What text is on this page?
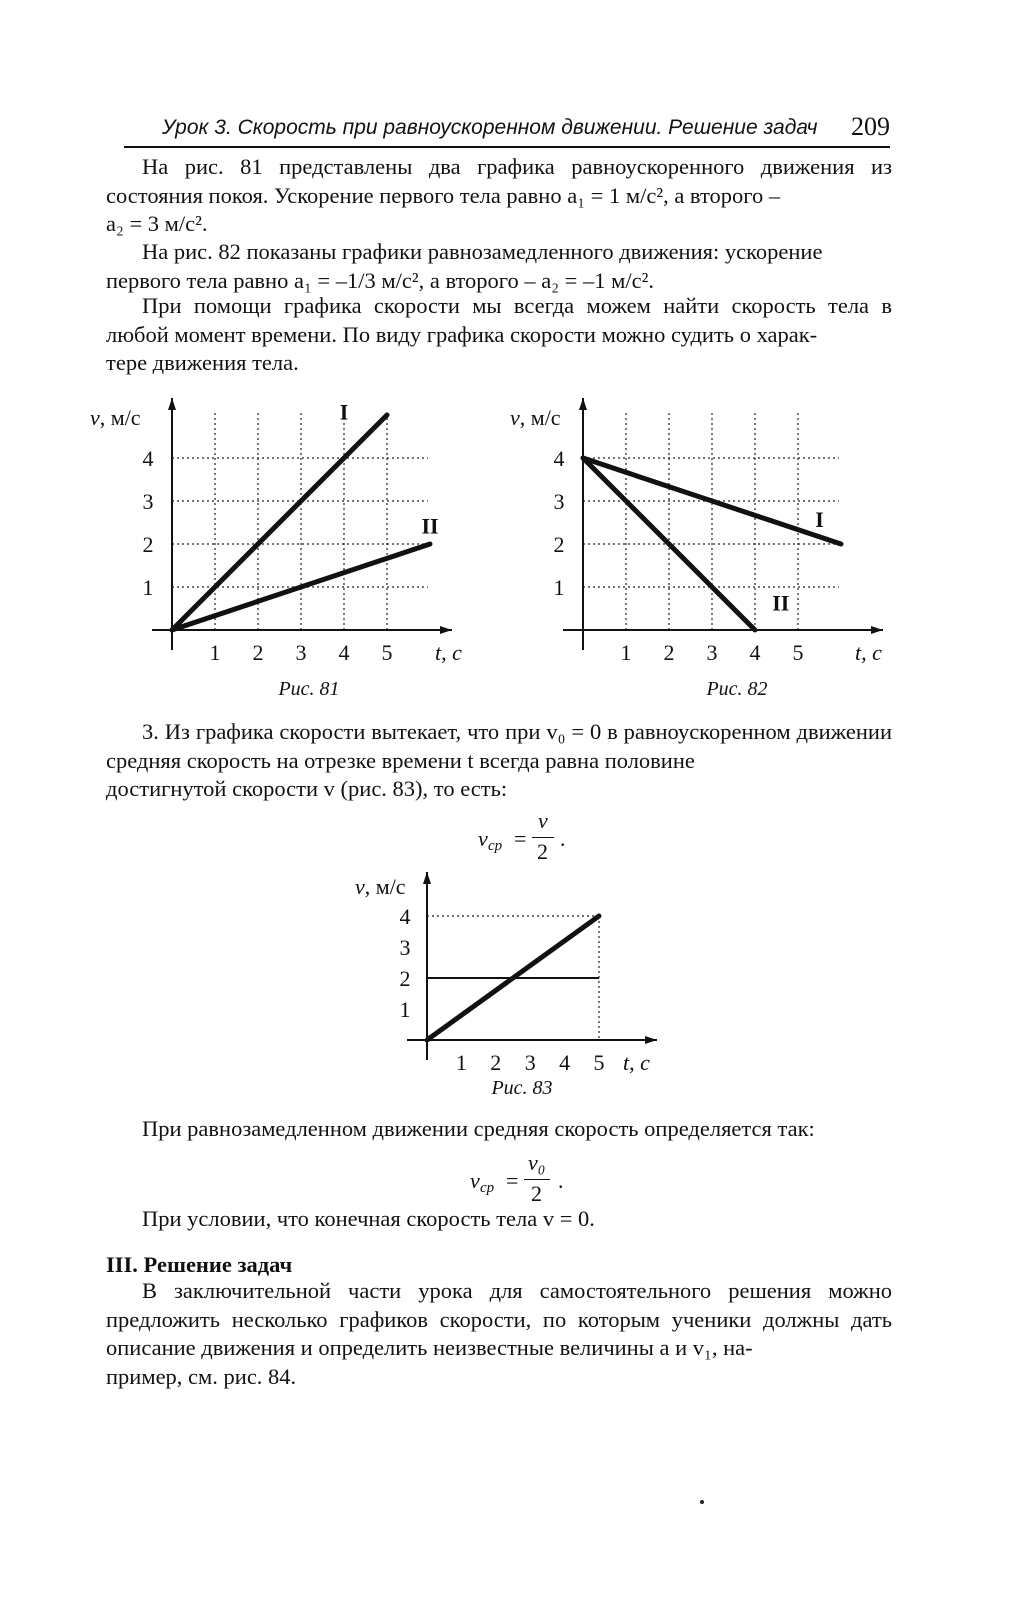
Урок 3. Скорость при равноускоренном движении. Решение задач 209

На рис. 81 представлены два графика равноускоренного движения из состояния покоя. Ускорение первого тела равно a₁ = 1 м/с², а второго –
a₂ = 3 м/с².

На рис. 82 показаны графики равнозамедленного движения: ускорение
первого тела равно a₁ = –1/3 м/с², а второго – a₂ = –1 м/с².

При помощи графика скорости мы всегда можем найти скорость тела в любой момент времени. По виду графика скорости можно судить о харак-
тере движения тела.

v, м/с
1 2 3 4 5
1
2
3
4
t, c
I
II
Рис. 81
v, м/с
1 2 3 4 5
1
2
3
4
t, c
I
II
Рис. 82

3. Из графика скорости вытекает, что при v₀ = 0 в равноускоренном движении средняя скорость на отрезке времени t всегда равна половине
достигнутой скорости v (рис. 83), то есть:

v ср =
v
2
.
v, м/с
1 2 3 4 5
1
2
3
4
t, c
Рис. 83

При равнозамедленном движении средняя скорость определяется так:

v ср =
v₀
2
.

При условии, что конечная скорость тела v = 0.

III. Решение задач

В заключительной части урока для самостоятельного решения можно предложить несколько графиков скорости, по которым ученики должны дать описание движения и определить неизвестные величины a и v₁, на-
пример, см. рис. 84.
